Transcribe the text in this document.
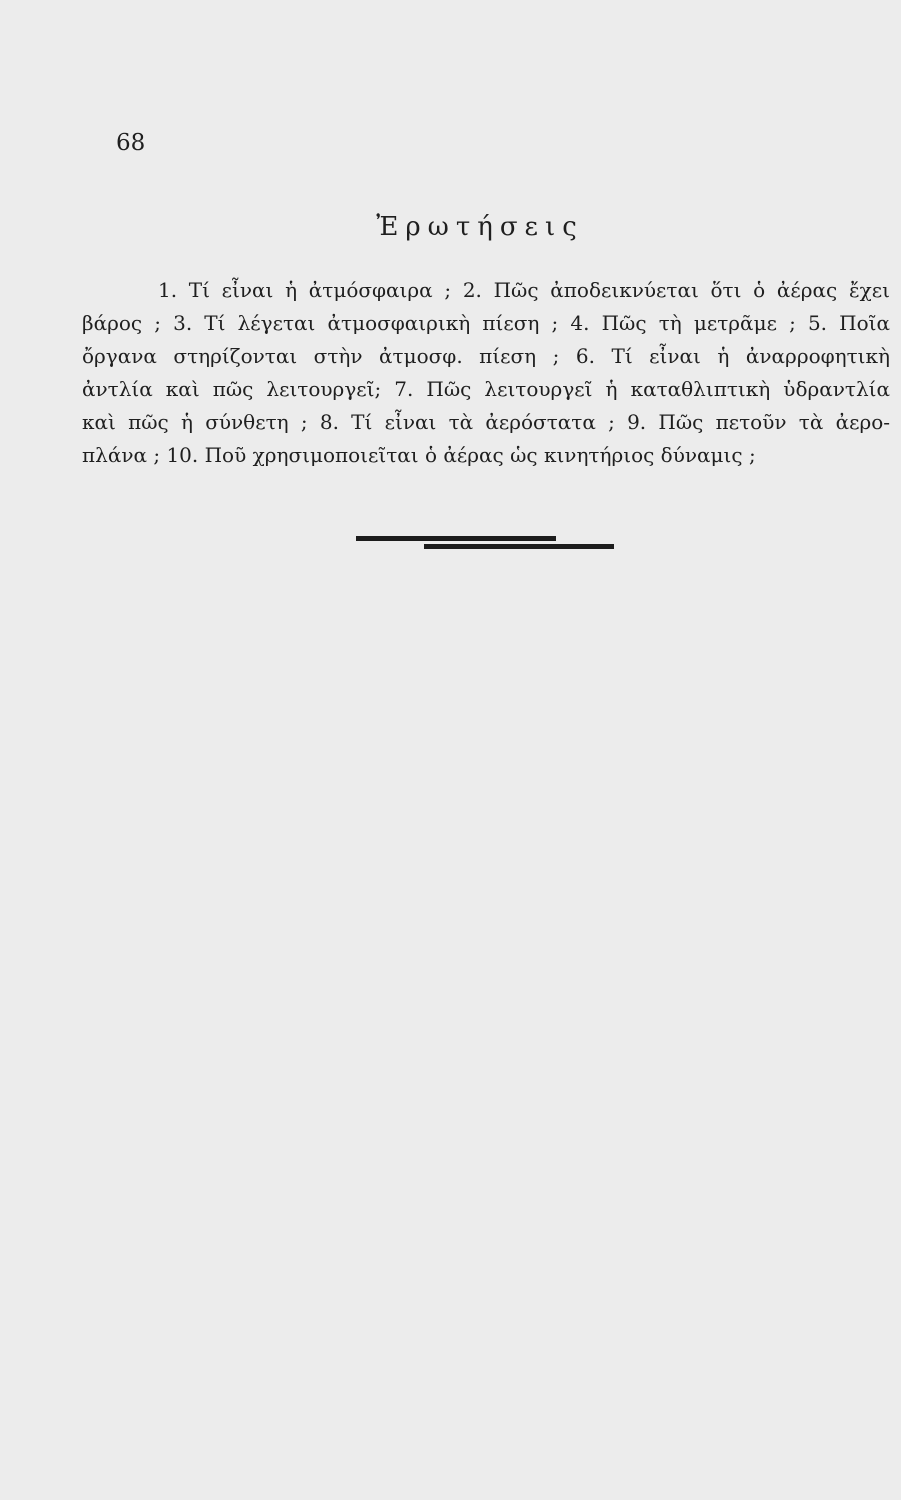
68
Ἐρωτήσεις
1. Τί εἶναι ἡ ἀτμόσφαιρα ; 2. Πῶς ἀποδεικνύεται ὅτι ὁ ἀέρας ἔχει
βάρος ; 3. Τί λέγεται ἀτμοσφαιρικὴ πίεση ; 4. Πῶς τὴ μετρᾶμε ; 5. Ποῖα
ὄργανα στηρίζονται στὴν ἀτμοσφ. πίεση ; 6. Τί εἶναι ἡ ἀναρροφητικὴ
ἀντλία καὶ πῶς λειτουργεῖ; 7. Πῶς λειτουργεῖ ἡ καταθλιπτικὴ ὑδραντλία
καὶ πῶς ἡ σύνθετη ; 8. Τί εἶναι τὰ ἀερόστατα ; 9. Πῶς πετοῦν τὰ ἀερο-
πλάνα ; 10. Ποῦ χρησιμοποιεῖται ὁ ἀέρας ὡς κινητήριος δύναμις ;
